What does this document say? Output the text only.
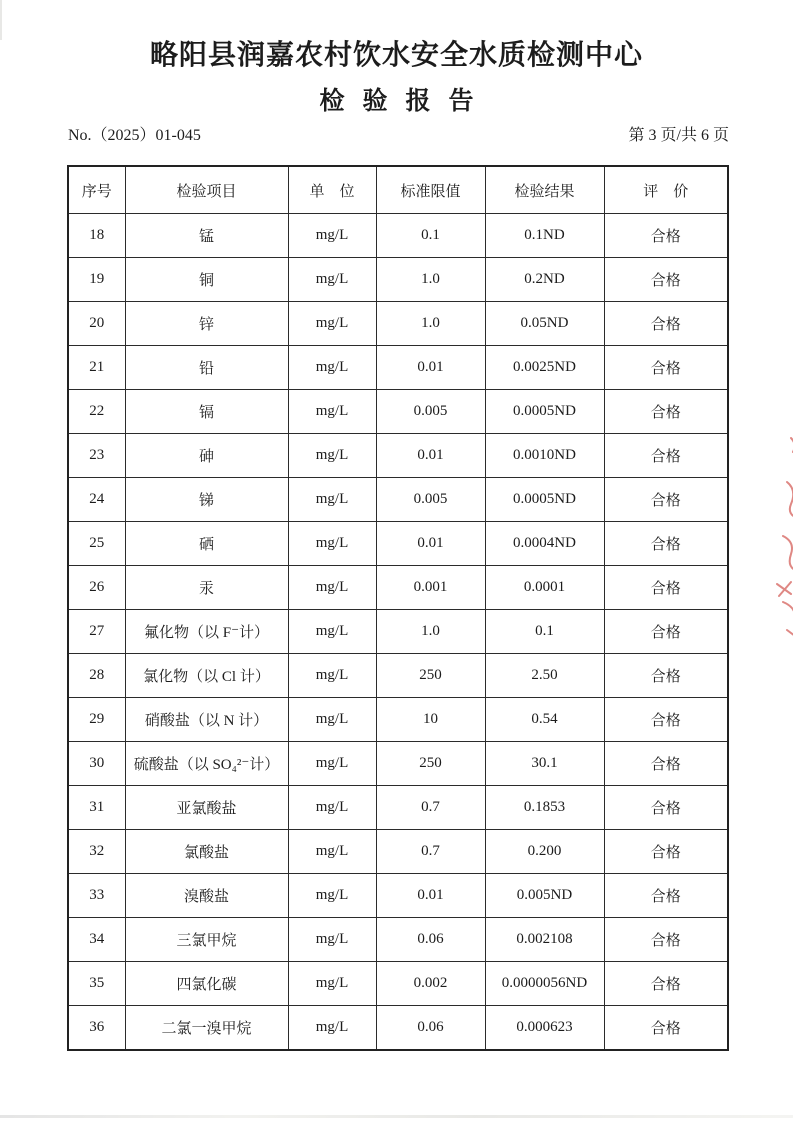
略阳县润嘉农村饮水安全水质检测中心
检验报告
No.（2025）01-045	第 3 页/共 6 页
序号	检验项目	单　位	标准限值	检验结果	评　价
18	锰	mg/L	0.1	0.1ND	合格
19	铜	mg/L	1.0	0.2ND	合格
20	锌	mg/L	1.0	0.05ND	合格
21	铅	mg/L	0.01	0.0025ND	合格
22	镉	mg/L	0.005	0.0005ND	合格
23	砷	mg/L	0.01	0.0010ND	合格
24	锑	mg/L	0.005	0.0005ND	合格
25	硒	mg/L	0.01	0.0004ND	合格
26	汞	mg/L	0.001	0.0001	合格
27	氟化物（以 F⁻计）	mg/L	1.0	0.1	合格
28	氯化物（以 Cl 计）	mg/L	250	2.50	合格
29	硝酸盐（以 N 计）	mg/L	10	0.54	合格
30	硫酸盐（以 SO₄²⁻计）	mg/L	250	30.1	合格
31	亚氯酸盐	mg/L	0.7	0.1853	合格
32	氯酸盐	mg/L	0.7	0.200	合格
33	溴酸盐	mg/L	0.01	0.005ND	合格
34	三氯甲烷	mg/L	0.06	0.002108	合格
35	四氯化碳	mg/L	0.002	0.0000056ND	合格
36	二氯一溴甲烷	mg/L	0.06	0.000623	合格
